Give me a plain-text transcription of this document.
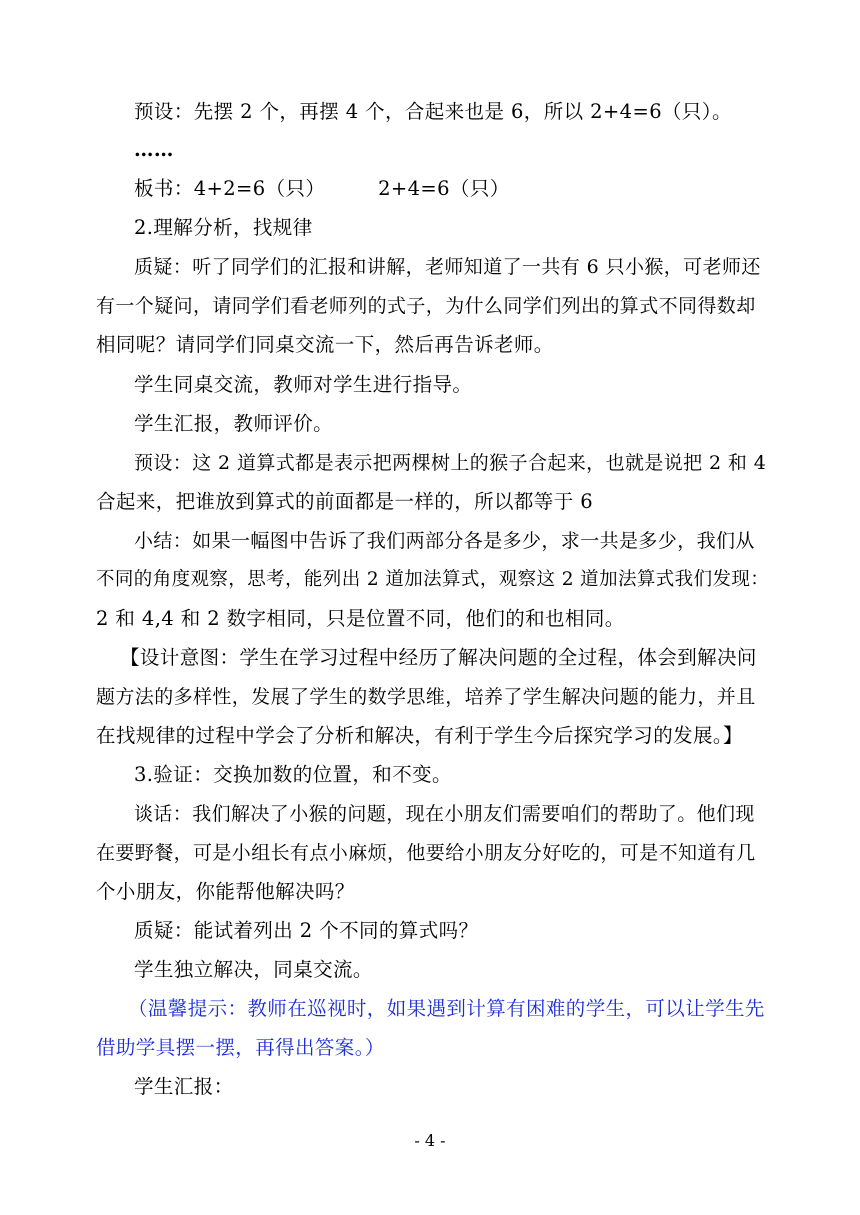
预设：先摆 2 个，再摆 4 个，合起来也是 6，所以 2+4=6（只）。
……
板书：4+2=6（只）        2+4=6（只）
2.理解分析，找规律
质疑：听了同学们的汇报和讲解，老师知道了一共有 6 只小猴，可老师还
有一个疑问，请同学们看老师列的式子，为什么同学们列出的算式不同得数却
相同呢？请同学们同桌交流一下，然后再告诉老师。
学生同桌交流，教师对学生进行指导。
学生汇报，教师评价。
预设：这 2 道算式都是表示把两棵树上的猴子合起来，也就是说把 2 和 4
合起来，把谁放到算式的前面都是一样的，所以都等于 6
小结：如果一幅图中告诉了我们两部分各是多少，求一共是多少，我们从
不同的角度观察，思考，能列出 2 道加法算式，观察这 2 道加法算式我们发现：
2 和 4,4 和 2 数字相同，只是位置不同，他们的和也相同。
【设计意图：学生在学习过程中经历了解决问题的全过程，体会到解决问
题方法的多样性，发展了学生的数学思维，培养了学生解决问题的能力，并且
在找规律的过程中学会了分析和解决，有利于学生今后探究学习的发展。】
3.验证：交换加数的位置，和不变。
谈话：我们解决了小猴的问题，现在小朋友们需要咱们的帮助了。他们现
在要野餐，可是小组长有点小麻烦，他要给小朋友分好吃的，可是不知道有几
个小朋友，你能帮他解决吗？
质疑：能试着列出 2 个不同的算式吗？
学生独立解决，同桌交流。
（温馨提示：教师在巡视时，如果遇到计算有困难的学生，可以让学生先
借助学具摆一摆，再得出答案。）
学生汇报：
- 4 -
